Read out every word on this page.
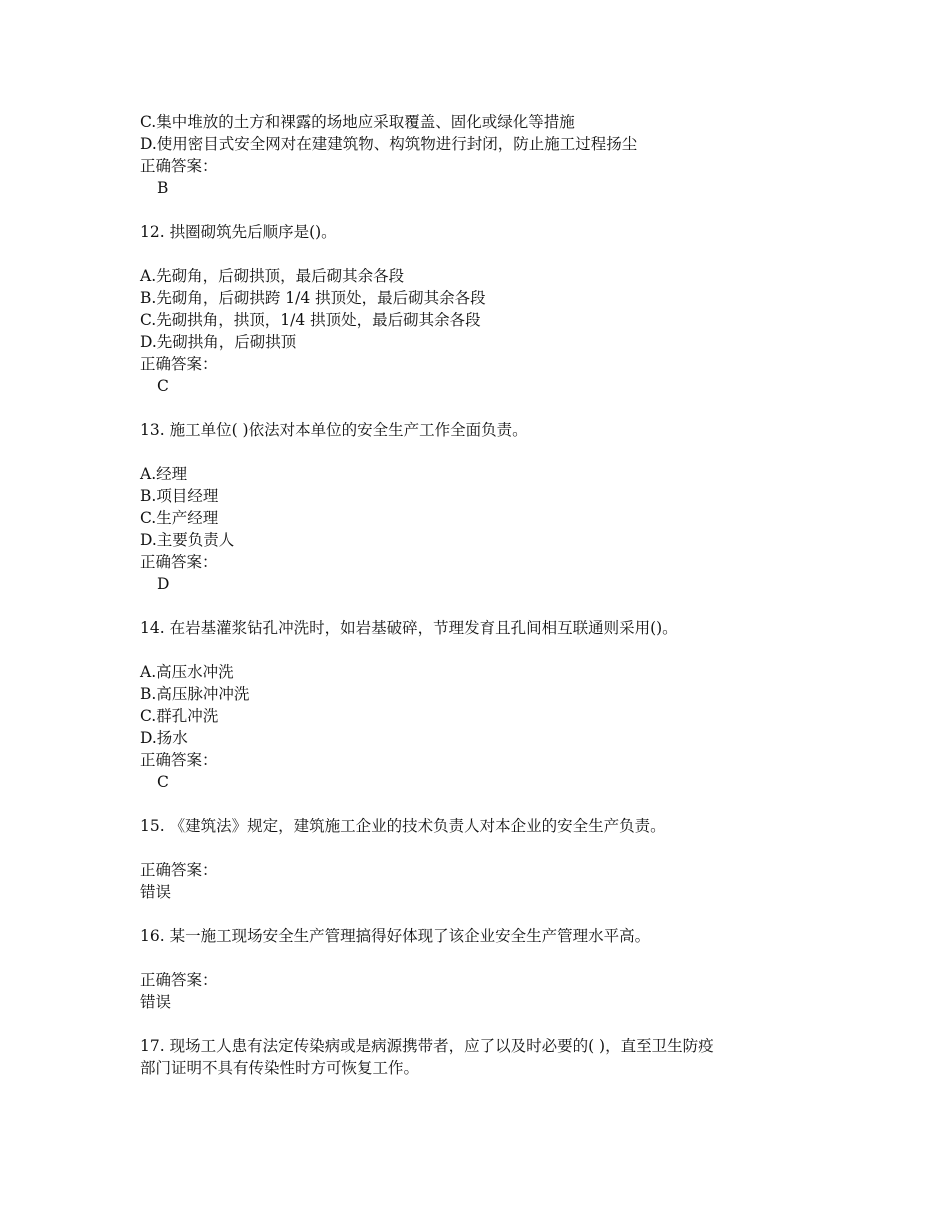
C.集中堆放的土方和裸露的场地应采取覆盖、固化或绿化等措施
D.使用密目式安全网对在建建筑物、构筑物进行封闭，防止施工过程扬尘
正确答案：
B
12. 拱圈砌筑先后顺序是()。
A.先砌角，后砌拱顶，最后砌其余各段
B.先砌角，后砌拱跨 1/4 拱顶处，最后砌其余各段
C.先砌拱角，拱顶，1/4 拱顶处，最后砌其余各段
D.先砌拱角，后砌拱顶
正确答案：
C
13. 施工单位( )依法对本单位的安全生产工作全面负责。
A.经理
B.项目经理
C.生产经理
D.主要负责人
正确答案：
D
14. 在岩基灌浆钻孔冲洗时，如岩基破碎，节理发育且孔间相互联通则采用()。
A.高压水冲洗
B.高压脉冲冲洗
C.群孔冲洗
D.扬水
正确答案：
C
15. 《建筑法》规定，建筑施工企业的技术负责人对本企业的安全生产负责。
正确答案：
错误
16. 某一施工现场安全生产管理搞得好体现了该企业安全生产管理水平高。
正确答案：
错误
17. 现场工人患有法定传染病或是病源携带者，应了以及时必要的( )，直至卫生防疫
部门证明不具有传染性时方可恢复工作。
